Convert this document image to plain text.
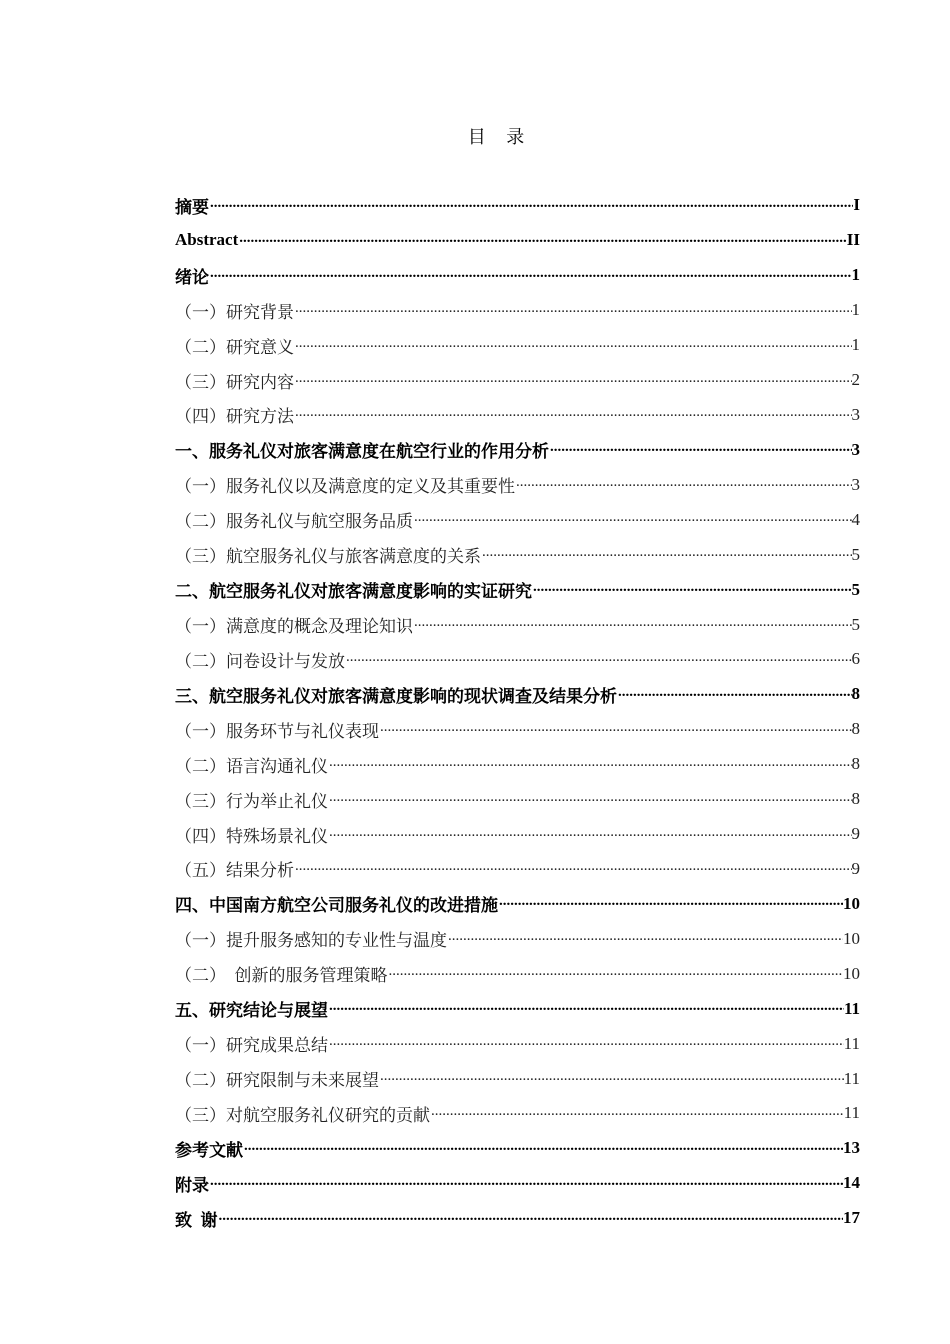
目 录
摘要 .....	I
Abstract .....	II
绪论 .....	1
（一）研究背景 .....	1
（二）研究意义 .....	1
（三）研究内容 .....	2
（四）研究方法 .....	3
一、服务礼仪对旅客满意度在航空行业的作用分析 .....	3
（一）服务礼仪以及满意度的定义及其重要性 .....	3
（二）服务礼仪与航空服务品质 .....	4
（三）航空服务礼仪与旅客满意度的关系 .....	5
二、航空服务礼仪对旅客满意度影响的实证研究 .....	5
（一）满意度的概念及理论知识 .....	5
（二）问卷设计与发放 .....	6
三、航空服务礼仪对旅客满意度影响的现状调查及结果分析 .....	8
（一）服务环节与礼仪表现 .....	8
（二）语言沟通礼仪 .....	8
（三）行为举止礼仪 .....	8
（四）特殊场景礼仪 .....	9
（五）结果分析 .....	9
四、中国南方航空公司服务礼仪的改进措施 .....	10
（一）提升服务感知的专业性与温度 .....	10
（二）  创新的服务管理策略 .....	10
五、研究结论与展望 .....	11
（一）研究成果总结 .....	11
（二）研究限制与未来展望 .....	11
（三）对航空服务礼仪研究的贡献 .....	11
参考文献 .....	13
附录 .....	14
致  谢 .....	17
